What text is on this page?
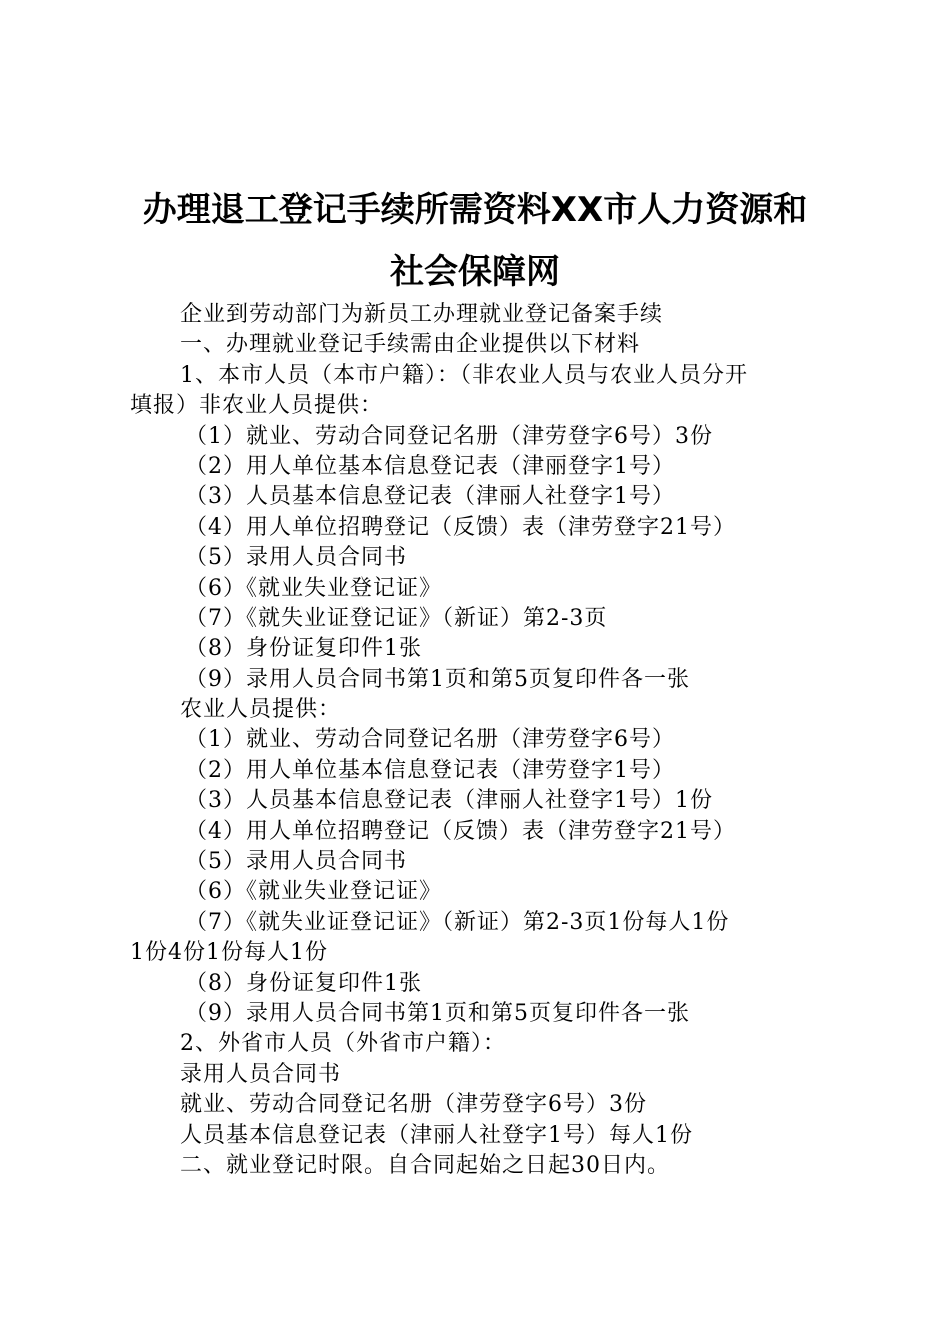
办理退工登记手续所需资料XX市人力资源和
社会保障网
企业到劳动部门为新员工办理就业登记备案手续
一、办理就业登记手续需由企业提供以下材料
1、本市人员（本市户籍）：（非农业人员与农业人员分开
填报）非农业人员提供：
（1）就业、劳动合同登记名册（津劳登字6号）3份
（2）用人单位基本信息登记表（津丽登字1号）
（3）人员基本信息登记表（津丽人社登字1号）
（4）用人单位招聘登记（反馈）表（津劳登字21号）
（5）录用人员合同书
（6）《就业失业登记证》
（7）《就失业证登记证》（新证）第2-3页
（8）身份证复印件1张
（9）录用人员合同书第1页和第5页复印件各一张
农业人员提供：
（1）就业、劳动合同登记名册（津劳登字6号）
（2）用人单位基本信息登记表（津劳登字1号）
（3）人员基本信息登记表（津丽人社登字1号）1份
（4）用人单位招聘登记（反馈）表（津劳登字21号）
（5）录用人员合同书
（6）《就业失业登记证》
（7）《就失业证登记证》（新证）第2-3页1份每人1份
1份4份1份每人1份
（8）身份证复印件1张
（9）录用人员合同书第1页和第5页复印件各一张
2、外省市人员（外省市户籍）：
录用人员合同书
就业、劳动合同登记名册（津劳登字6号）3份
人员基本信息登记表（津丽人社登字1号）每人1份
二、就业登记时限。自合同起始之日起30日内。
